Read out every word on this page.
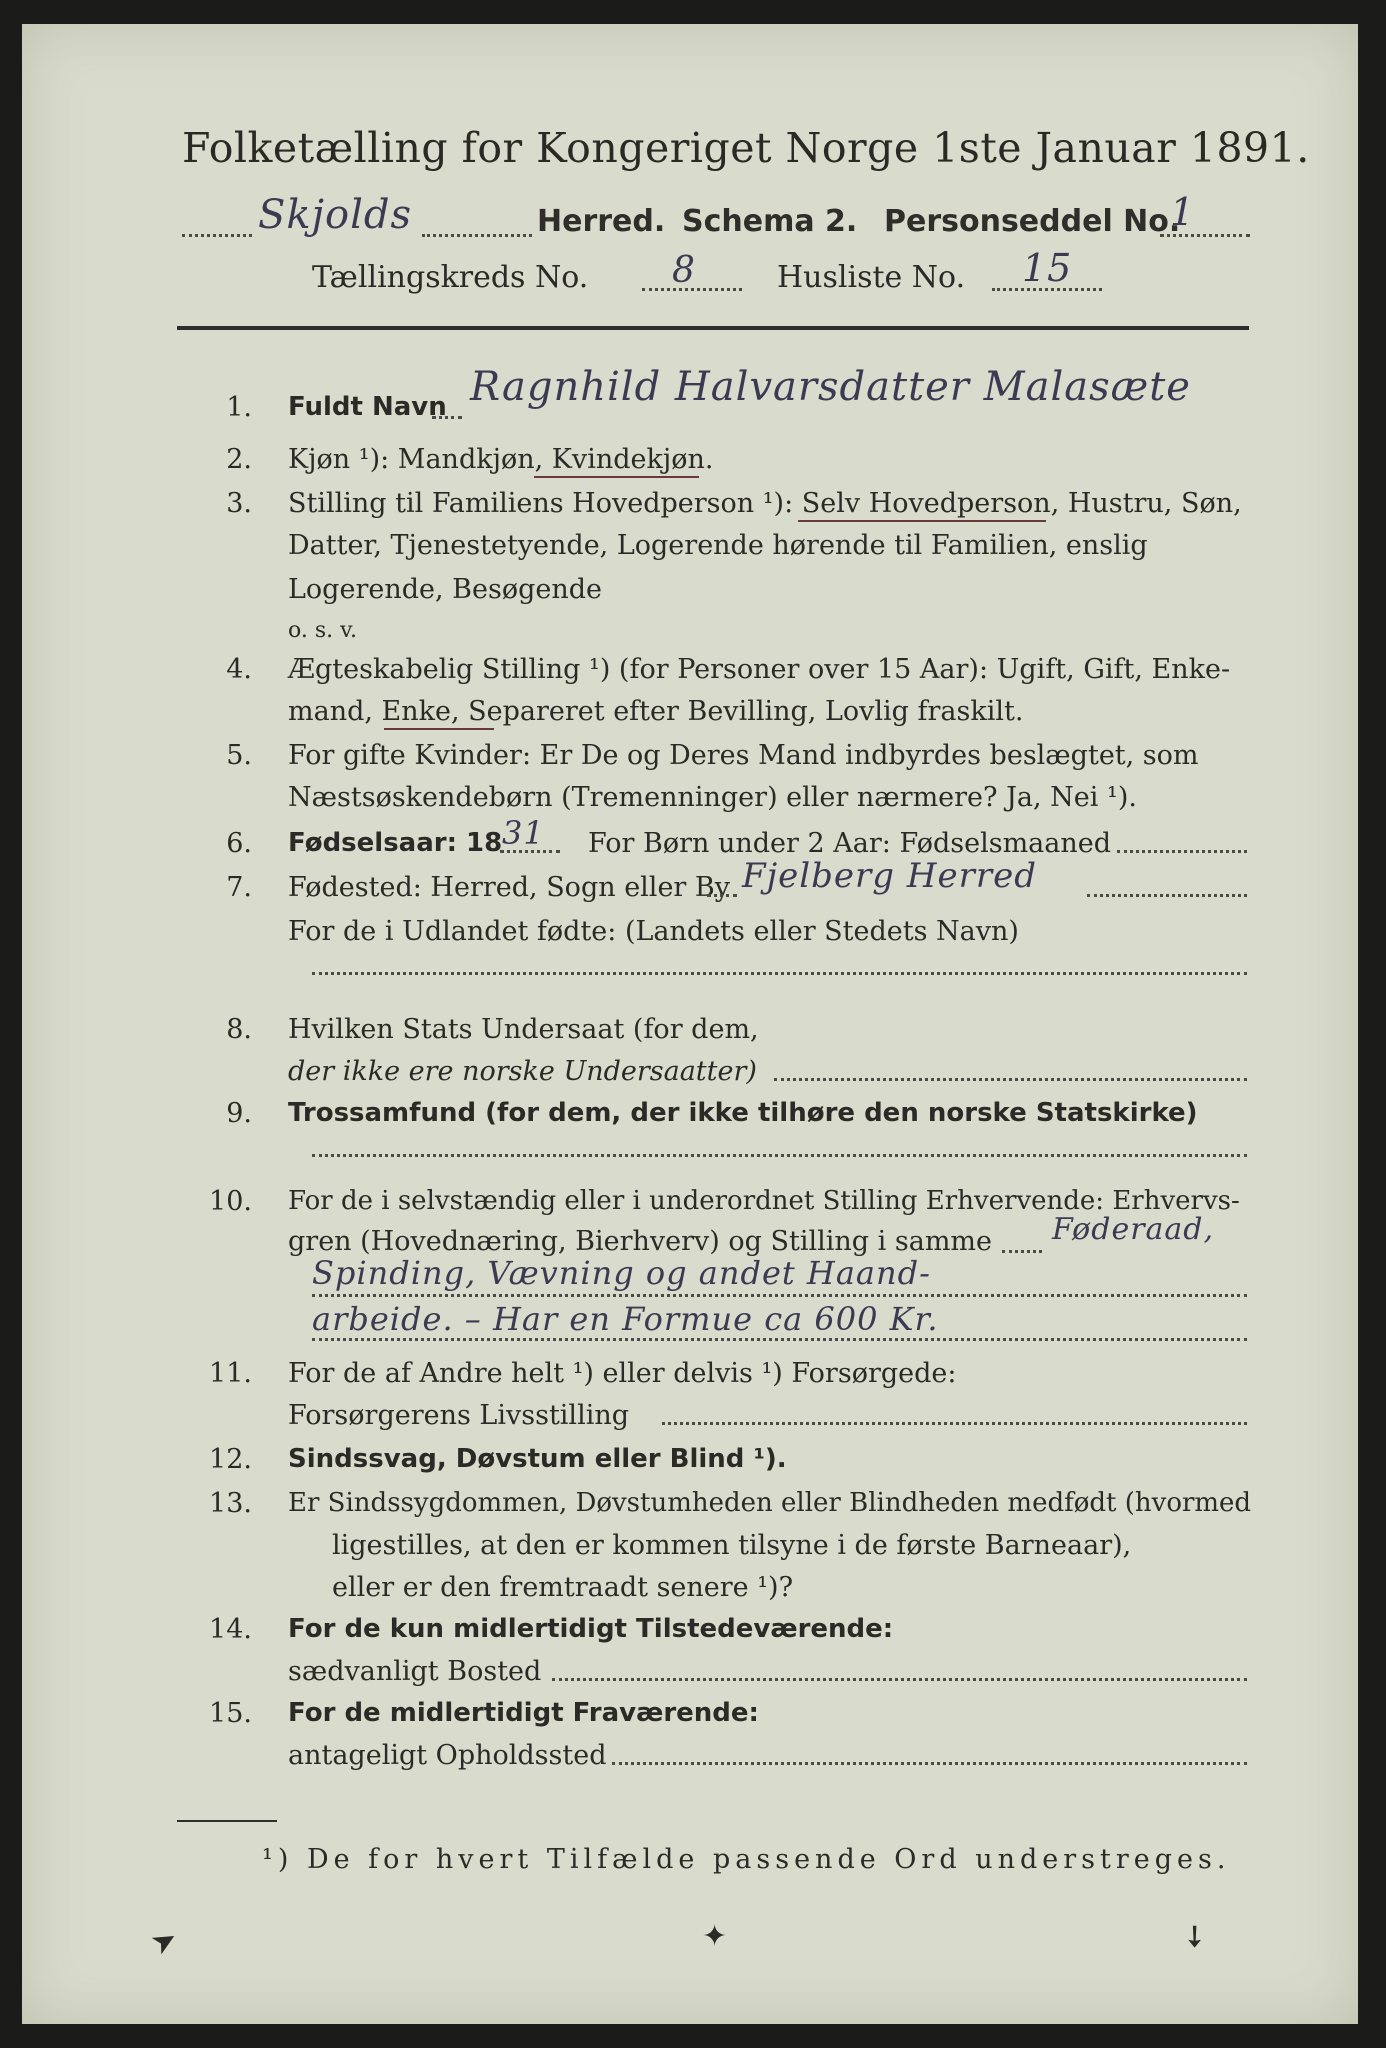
Folketælling for Kongeriget Norge 1ste Januar 1891.
Skjolds	Herred. Schema 2. Personseddel No.
1
Tællingskreds No. 8	Husliste No. 15
1. Fuldt Navn Ragnhild Halvarsdatter Malasæte
2. Kjøn ¹): Mandkjøn, Kvindekjøn.
3. Stilling til Familiens Hovedperson ¹): Selv Hovedperson, Hustru, Søn,
Datter, Tjenestetyende, Logerende hørende til Familien, enslig
Logerende, Besøgende
o. s. v.
4. Ægteskabelig Stilling ¹) (for Personer over 15 Aar): Ugift, Gift, Enke-
mand, Enke, Separeret efter Bevilling, Lovlig fraskilt.
5. For gifte Kvinder: Er De og Deres Mand indbyrdes beslægtet, som
Næstsøskendebørn (Tremenninger) eller nærmere? Ja, Nei ¹).
6. Fødselsaar: 18 31 For Børn under 2 Aar: Fødselsmaaned
7. Fødested: Herred, Sogn eller By Fjelberg Herred
For de i Udlandet fødte: (Landets eller Stedets Navn)
8. Hvilken Stats Undersaat (for dem,
der ikke ere norske Undersaatter)
9. Trossamfund (for dem, der ikke tilhøre den norske Statskirke)
10. For de i selvstændig eller i underordnet Stilling Erhvervende: Erhvervs-
gren (Hovednæring, Bierhverv) og Stilling i samme Føderaad,
Spinding, Vævning og andet Haand-
arbeide. – Har en Formue ca 600 Kr.
11. For de af Andre helt ¹) eller delvis ¹) Forsørgede:
Forsørgerens Livsstilling
12. Sindssvag, Døvstum eller Blind ¹).
13. Er Sindssygdommen, Døvstumheden eller Blindheden medfødt (hvormed
ligestilles, at den er kommen tilsyne i de første Barneaar),
eller er den fremtraadt senere ¹)?
14. For de kun midlertidigt Tilstedeværende:
sædvanligt Bosted
15. For de midlertidigt Fraværende:
antageligt Opholdssted
¹) De for hvert Tilfælde passende Ord understreges.
➤	✦	➘
